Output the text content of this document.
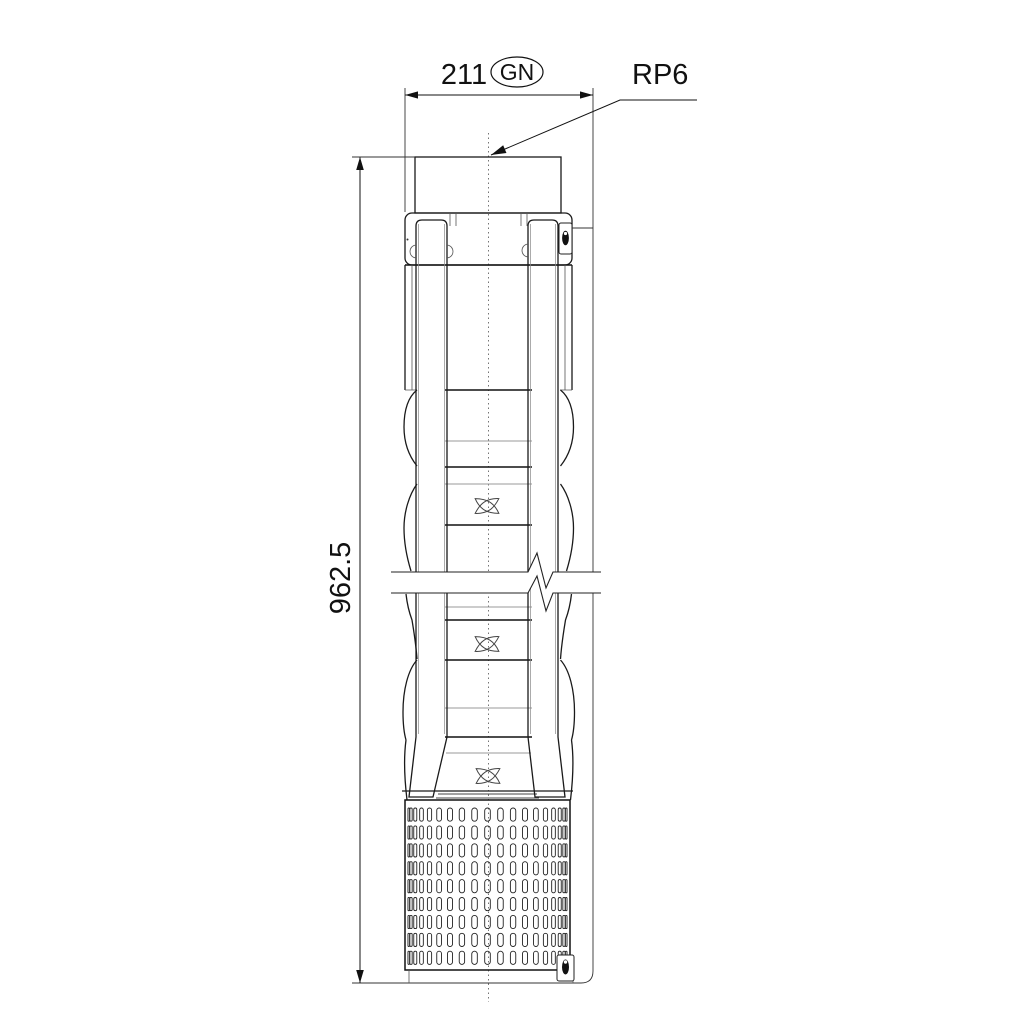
962.5
211 GN	RP6
